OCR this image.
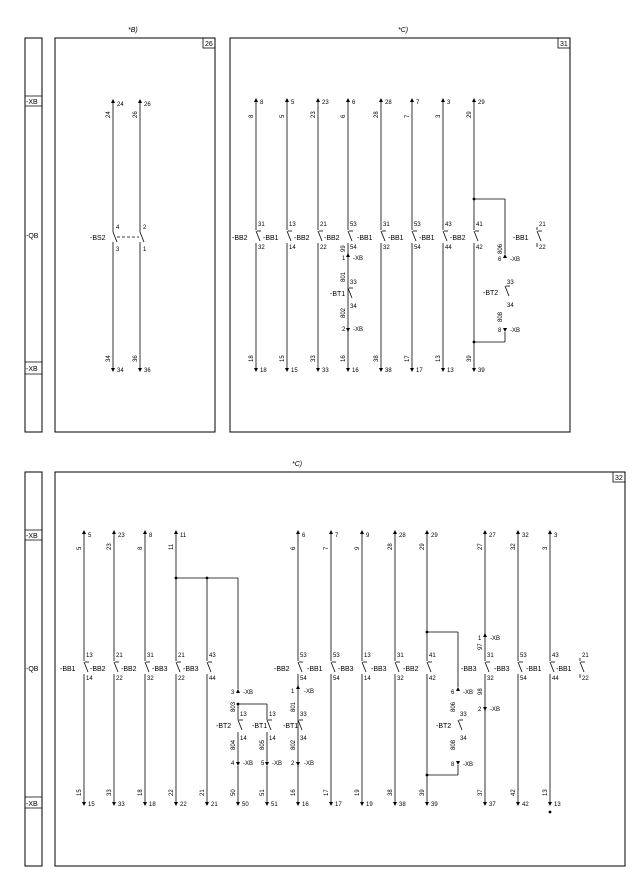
-XB
-QB
-XB
-XB
-QB
-XB
26
*B)
31
*C)
32
*C)
-BS2
4
3
2
1
24
24
34
34
26
26
36
36
8
8
-BB2
31
32
18
18
5
5
-BB1
13
14
15
15
23
23
-BB2
21
22
33
33
6
6
-BB2
53
54
16
16
28
28
-BB1
31
32
38
38
7
7
-BB1
53
54
17
17
3
3
-BB1
43
44
13
13
29
29
-BB2
41
42
39
39
-BB1
21
22
1 -XB
99
801
-BT1
33
34
802
2 -XB
6 -XB
806
-BT2
33
34
808
8 -XB
5
5
-BB1
13
14
15
15
23
23
-BB2
21
22
33
33
8
8
-BB2
31
32
18
18
11
11
-BB3
21
22
22
22
-BB3
43
44
21
21
6
6
-BB2
53
54
16
16
7
7
-BB1
53
54
17
17
9
9
-BB3
13
14
19
19
28
28
-BB3
31
32
38
38
29
29
-BB2
41
42
39
39
27
27
-BB3
31
32
37
37
32
32
-BB3
53
54
42
42
3
3
-BB1
43
44
13
13
-BB1
21
22
3 -XB
803
-BT2
13
14
804
4 -XB
50
50
-BT1
13
14
805
5 -XB
51
51
1 -XB
801
-BT1
33
34
802
2 -XB
6 -XB
806
-BT2
33
34
808
8 -XB
1 -XB
97
98
2 -XB
